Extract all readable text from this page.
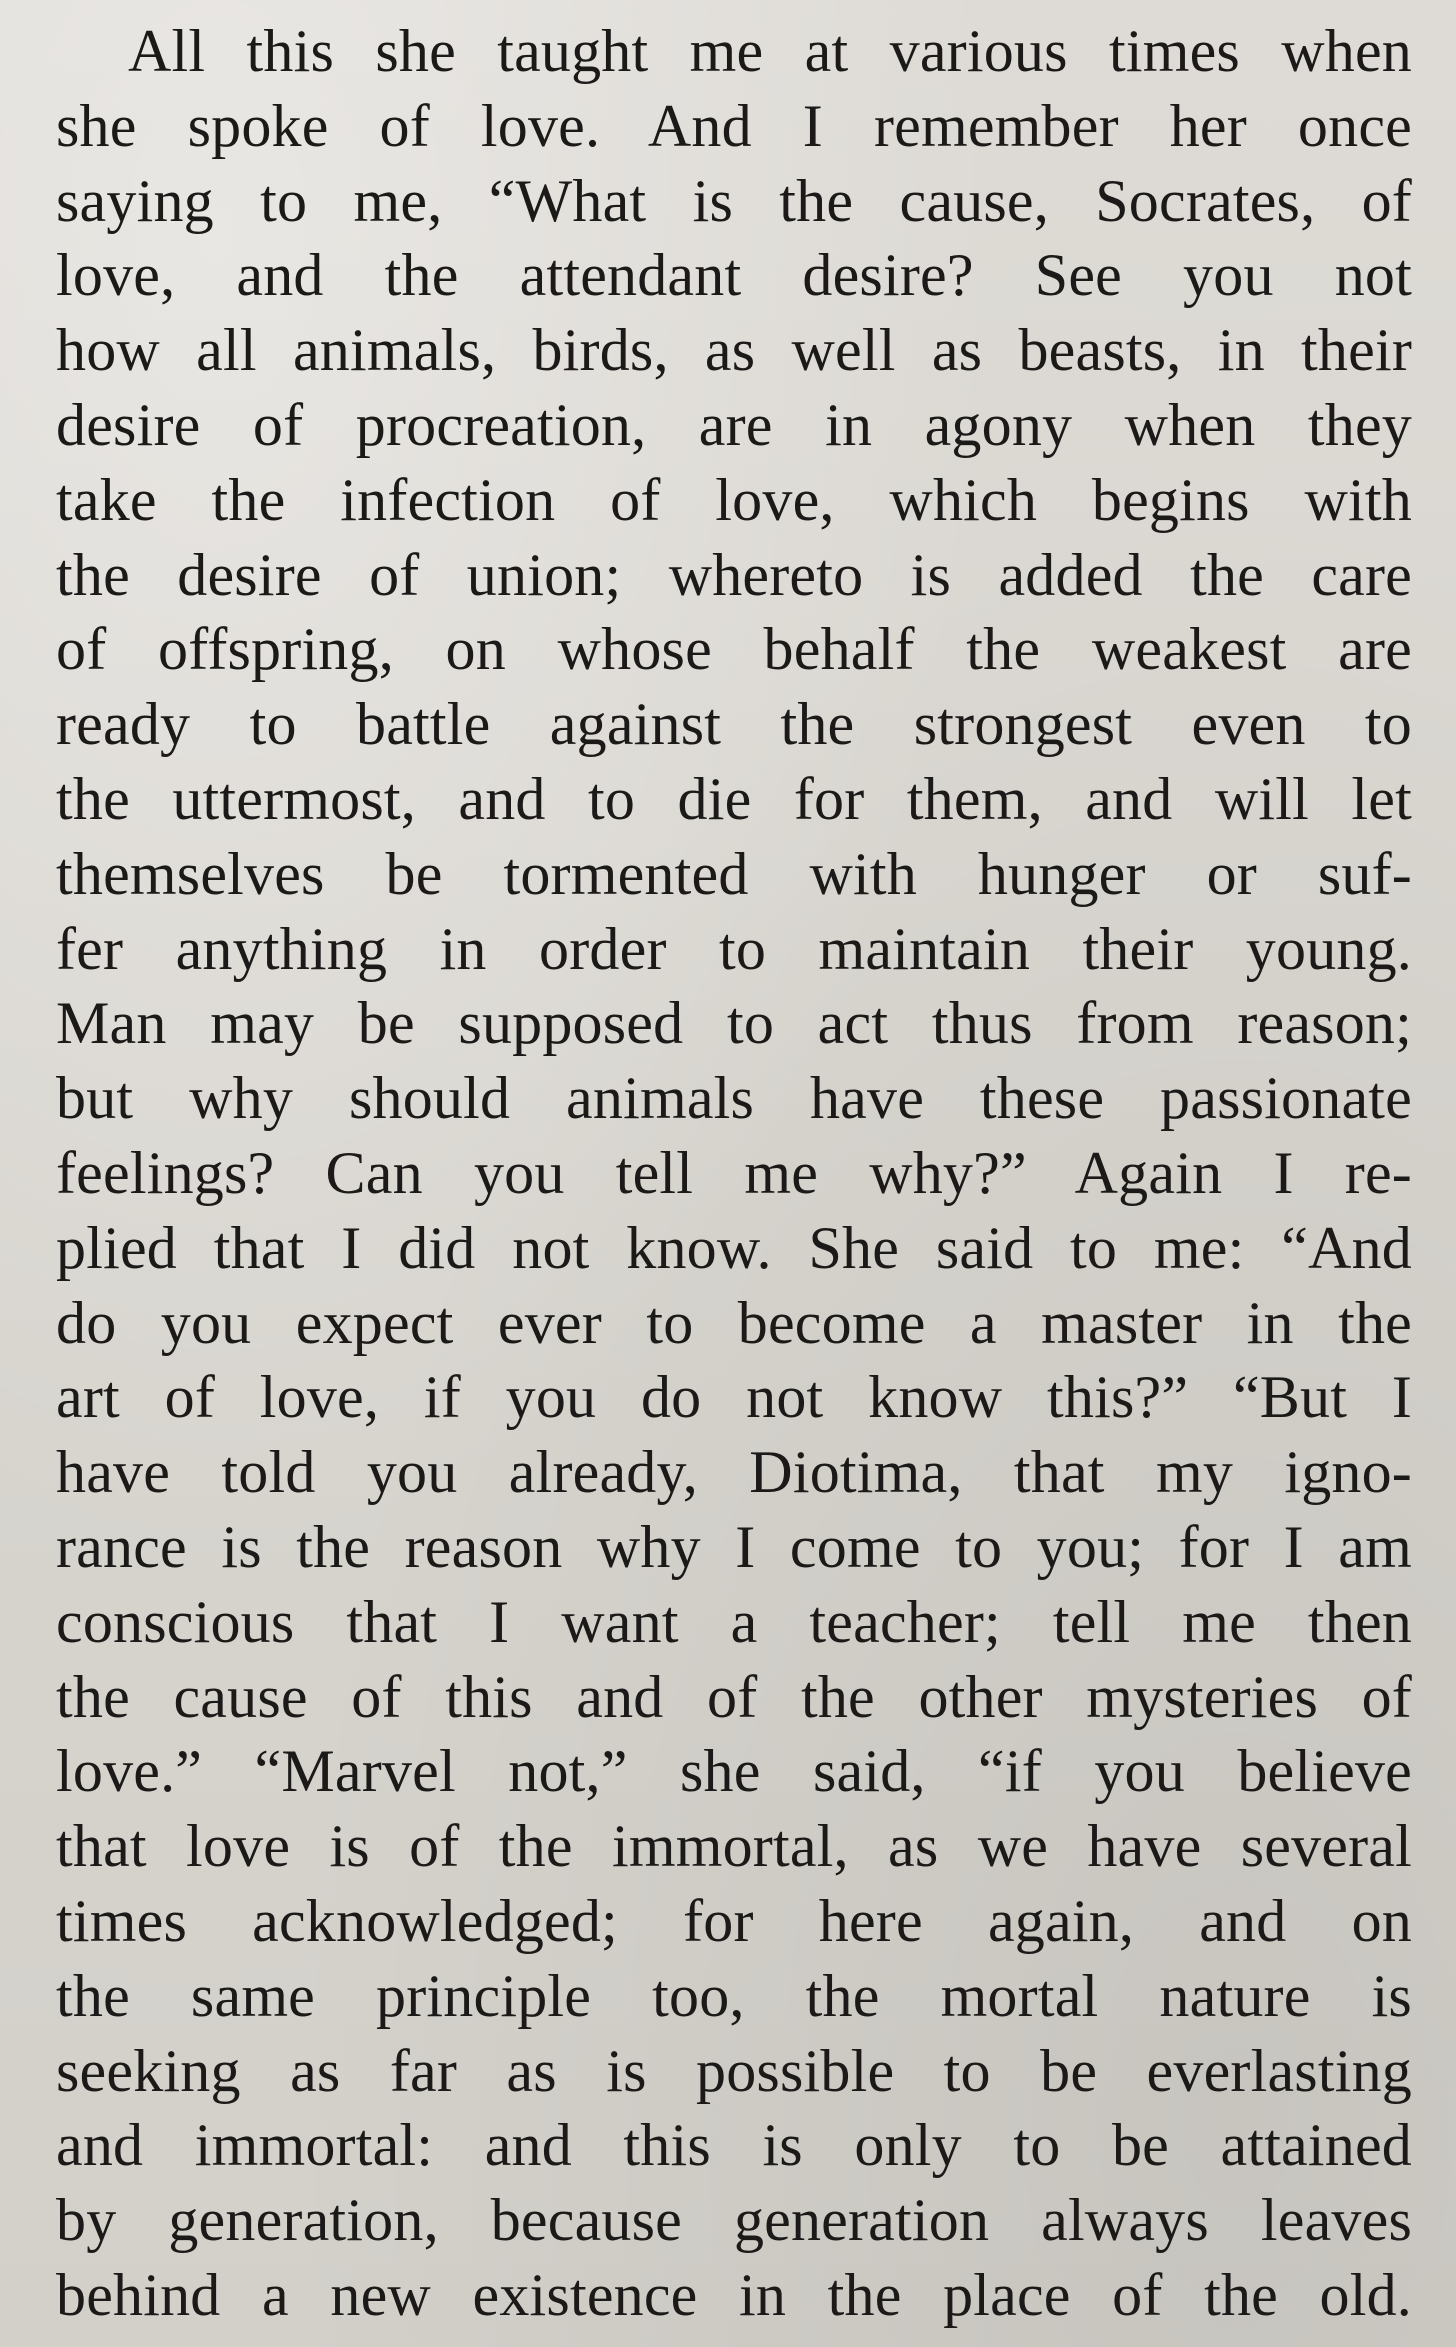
All this she taught me at various times when
she spoke of love. And I remember her once
saying to me, “What is the cause, Socrates, of
love, and the attendant desire? See you not
how all animals, birds, as well as beasts, in their
desire of procreation, are in agony when they
take the infection of love, which begins with
the desire of union; whereto is added the care
of offspring, on whose behalf the weakest are
ready to battle against the strongest even to
the uttermost, and to die for them, and will let
themselves be tormented with hunger or suf-
fer anything in order to maintain their young.
Man may be supposed to act thus from reason;
but why should animals have these passionate
feelings? Can you tell me why?” Again I re-
plied that I did not know. She said to me: “And
do you expect ever to become a master in the
art of love, if you do not know this?” “But I
have told you already, Diotima, that my igno-
rance is the reason why I come to you; for I am
conscious that I want a teacher; tell me then
the cause of this and of the other mysteries of
love.” “Marvel not,” she said, “if you believe
that love is of the immortal, as we have several
times acknowledged; for here again, and on
the same principle too, the mortal nature is
seeking as far as is possible to be everlasting
and immortal: and this is only to be attained
by generation, because generation always leaves
behind a new existence in the place of the old.
